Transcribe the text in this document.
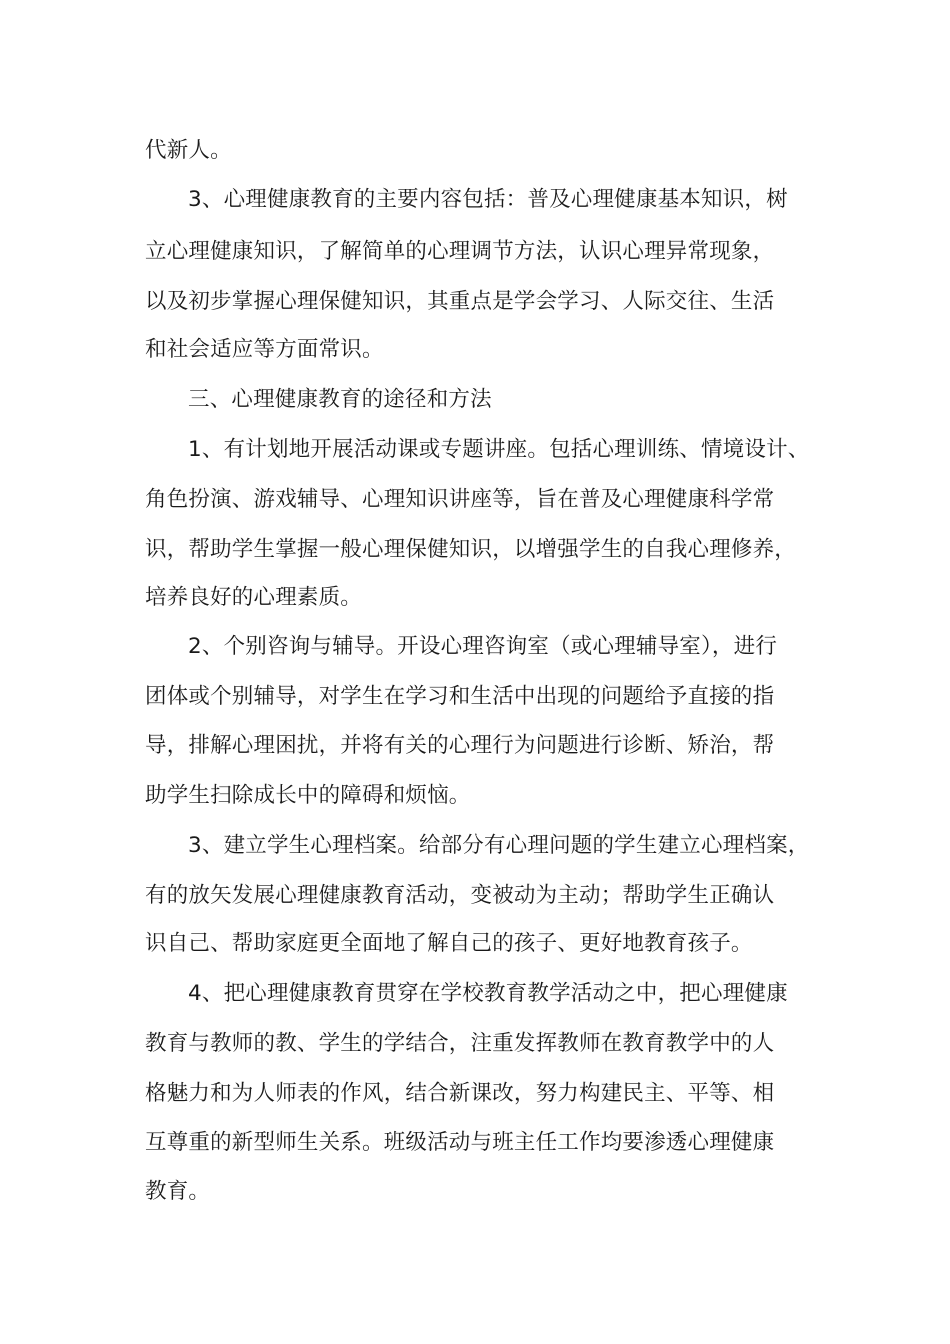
代新人。
3、心理健康教育的主要内容包括：普及心理健康基本知识，树
立心理健康知识，了解简单的心理调节方法，认识心理异常现象，
以及初步掌握心理保健知识，其重点是学会学习、人际交往、生活
和社会适应等方面常识。
三、心理健康教育的途径和方法
1、有计划地开展活动课或专题讲座。包括心理训练、情境设计、
角色扮演、游戏辅导、心理知识讲座等，旨在普及心理健康科学常
识，帮助学生掌握一般心理保健知识，以增强学生的自我心理修养，
培养良好的心理素质。
2、个别咨询与辅导。开设心理咨询室（或心理辅导室），进行
团体或个别辅导，对学生在学习和生活中出现的问题给予直接的指
导，排解心理困扰，并将有关的心理行为问题进行诊断、矫治，帮
助学生扫除成长中的障碍和烦恼。
3、建立学生心理档案。给部分有心理问题的学生建立心理档案，
有的放矢发展心理健康教育活动，变被动为主动；帮助学生正确认
识自己、帮助家庭更全面地了解自己的孩子、更好地教育孩子。
4、把心理健康教育贯穿在学校教育教学活动之中，把心理健康
教育与教师的教、学生的学结合，注重发挥教师在教育教学中的人
格魅力和为人师表的作风，结合新课改，努力构建民主、平等、相
互尊重的新型师生关系。班级活动与班主任工作均要渗透心理健康
教育。
